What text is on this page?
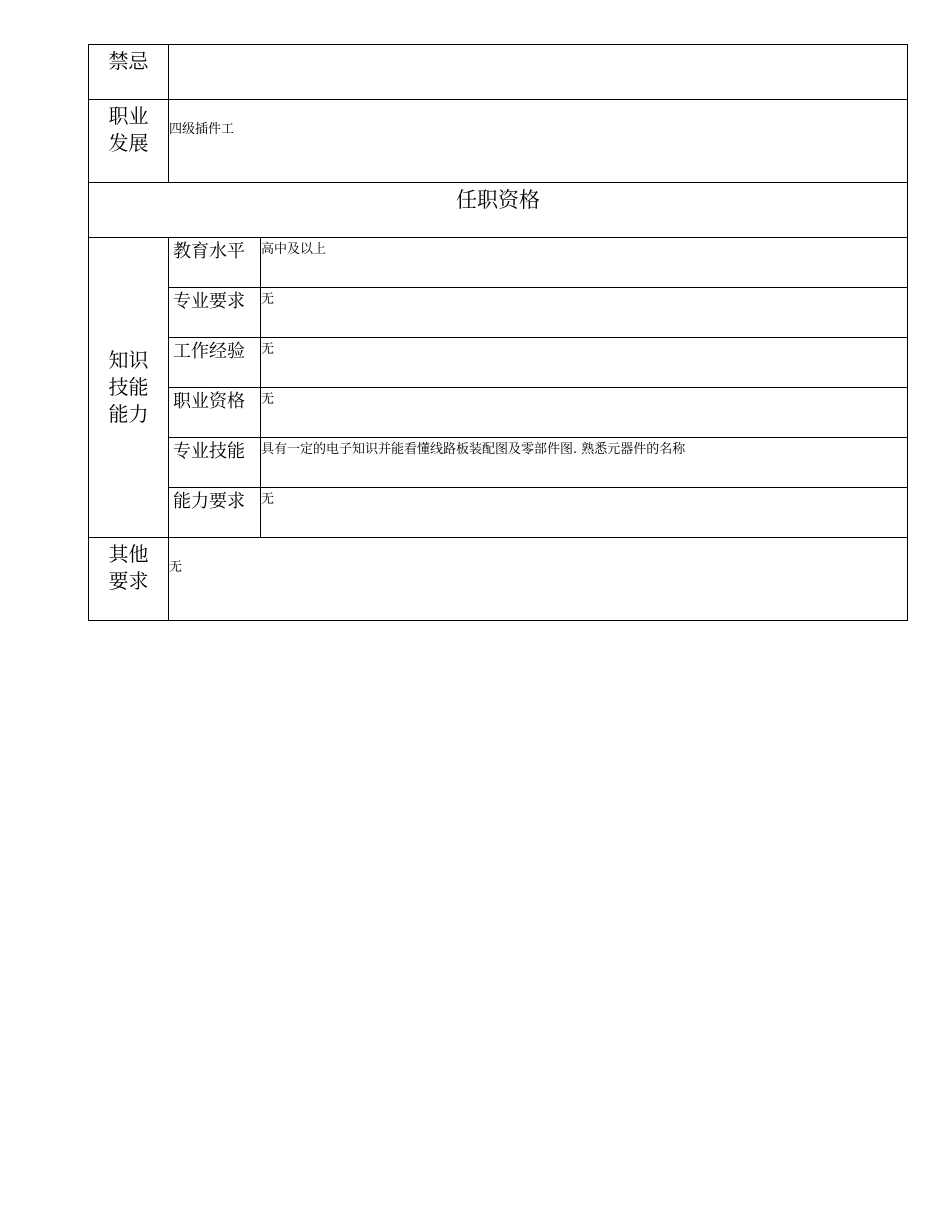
禁忌		

职业
发展	四级插件工	
任职资格		

知识
技能
能力	教育水平	高中及以上
	专业要求	无
	工作经验	无
	职业资格	无
	专业技能	具有一定的电子知识并能看懂线路板装配图及零部件图. 熟悉元器件的名称
	能力要求	无

其他
要求	无	
